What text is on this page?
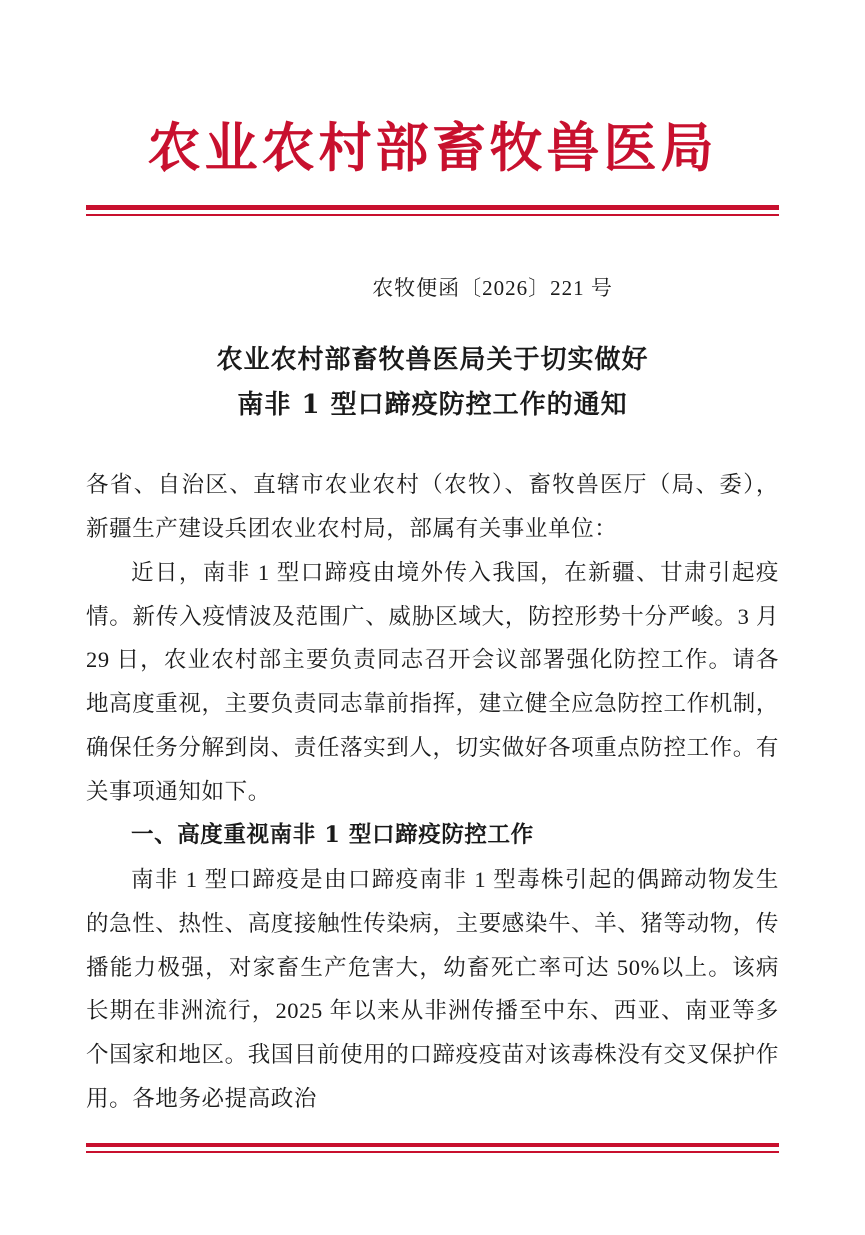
农业农村部畜牧兽医局
农牧便函〔2026〕221 号
农业农村部畜牧兽医局关于切实做好
南非 1 型口蹄疫防控工作的通知

各省、自治区、直辖市农业农村（农牧）、畜牧兽医厅（局、委），新疆生产建设兵团农业农村局，部属有关事业单位：

近日，南非 1 型口蹄疫由境外传入我国，在新疆、甘肃引起疫情。新传入疫情波及范围广、威胁区域大，防控形势十分严峻。3 月 29 日，农业农村部主要负责同志召开会议部署强化防控工作。请各地高度重视，主要负责同志靠前指挥，建立健全应急防控工作机制，确保任务分解到岗、责任落实到人，切实做好各项重点防控工作。有关事项通知如下。

一、高度重视南非 1 型口蹄疫防控工作

南非 1 型口蹄疫是由口蹄疫南非 1 型毒株引起的偶蹄动物发生的急性、热性、高度接触性传染病，主要感染牛、羊、猪等动物，传播能力极强，对家畜生产危害大，幼畜死亡率可达 50%以上。该病长期在非洲流行，2025 年以来从非洲传播至中东、西亚、南亚等多个国家和地区。我国目前使用的口蹄疫疫苗对该毒株没有交叉保护作用。各地务必提高政治
